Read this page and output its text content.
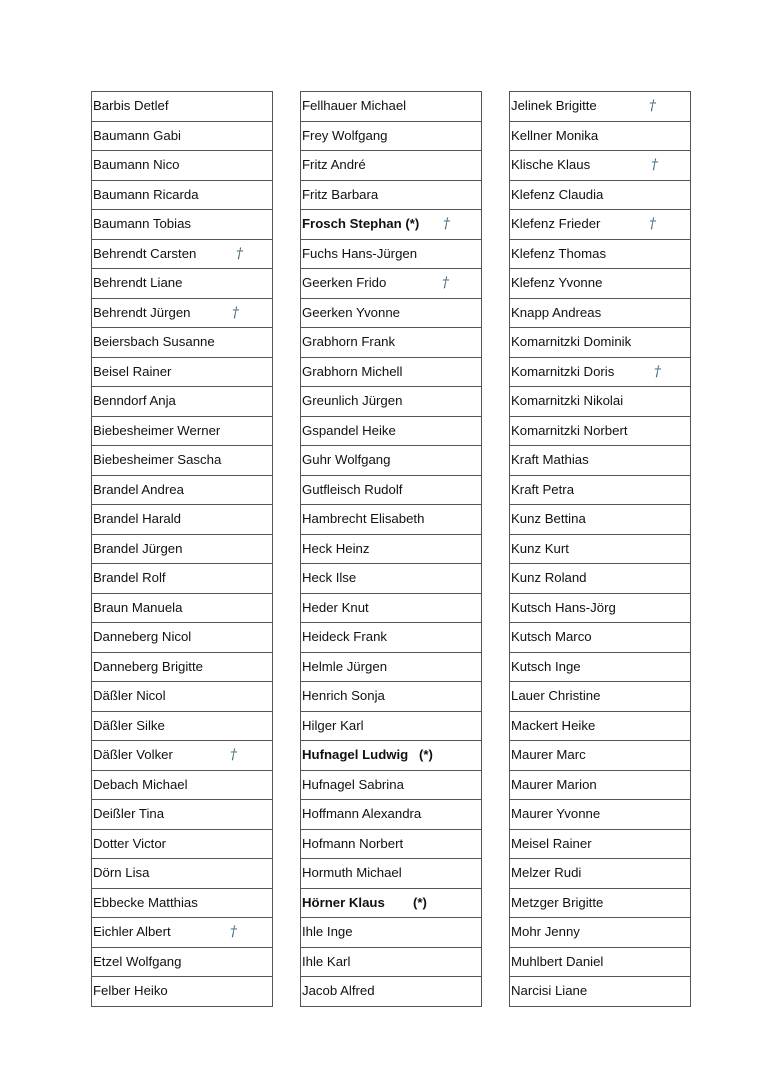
Barbis Detlef
Baumann Gabi
Baumann Nico
Baumann Ricarda
Baumann Tobias
Behrendt Carsten	†

Behrendt Liane
Behrendt Jürgen	†

Beiersbach Susanne
Beisel Rainer
Benndorf Anja
Biebesheimer Werner
Biebesheimer Sascha
Brandel Andrea
Brandel Harald
Brandel Jürgen
Brandel Rolf
Braun Manuela
Danneberg Nicol
Danneberg Brigitte
Däßler Nicol
Däßler Silke
Däßler Volker	†

Debach Michael
Deißler Tina
Dotter Victor
Dörn Lisa
Ebbecke Matthias
Eichler Albert	†

Etzel Wolfgang
Felber Heiko
Fellhauer Michael
Frey Wolfgang
Fritz André
Fritz Barbara
Frosch Stephan (*) †

Fuchs Hans-Jürgen
Geerken Frido	†

Geerken Yvonne
Grabhorn Frank
Grabhorn Michell
Greunlich Jürgen
Gspandel Heike
Guhr Wolfgang
Gutfleisch Rudolf
Hambrecht Elisabeth
Heck Heinz
Heck Ilse
Heder Knut
Heideck Frank
Helmle Jürgen
Henrich Sonja
Hilger Karl
Hufnagel Ludwig (*)

Hufnagel Sabrina
Hoffmann Alexandra
Hofmann Norbert
Hormuth Michael
Hörner Klaus (*)

Ihle Inge
Ihle Karl
Jacob Alfred
Jelinek Brigitte	†

Kellner Monika
Klische Klaus	†

Klefenz Claudia
Klefenz Frieder	†

Klefenz Thomas
Klefenz Yvonne
Knapp Andreas
Komarnitzki Dominik
Komarnitzki Doris	†

Komarnitzki Nikolai
Komarnitzki Norbert
Kraft Mathias
Kraft Petra
Kunz Bettina
Kunz Kurt
Kunz Roland
Kutsch Hans-Jörg
Kutsch Marco
Kutsch Inge
Lauer Christine
Mackert Heike
Maurer Marc
Maurer Marion
Maurer Yvonne
Meisel Rainer
Melzer Rudi
Metzger Brigitte
Mohr Jenny
Muhlbert Daniel
Narcisi Liane
